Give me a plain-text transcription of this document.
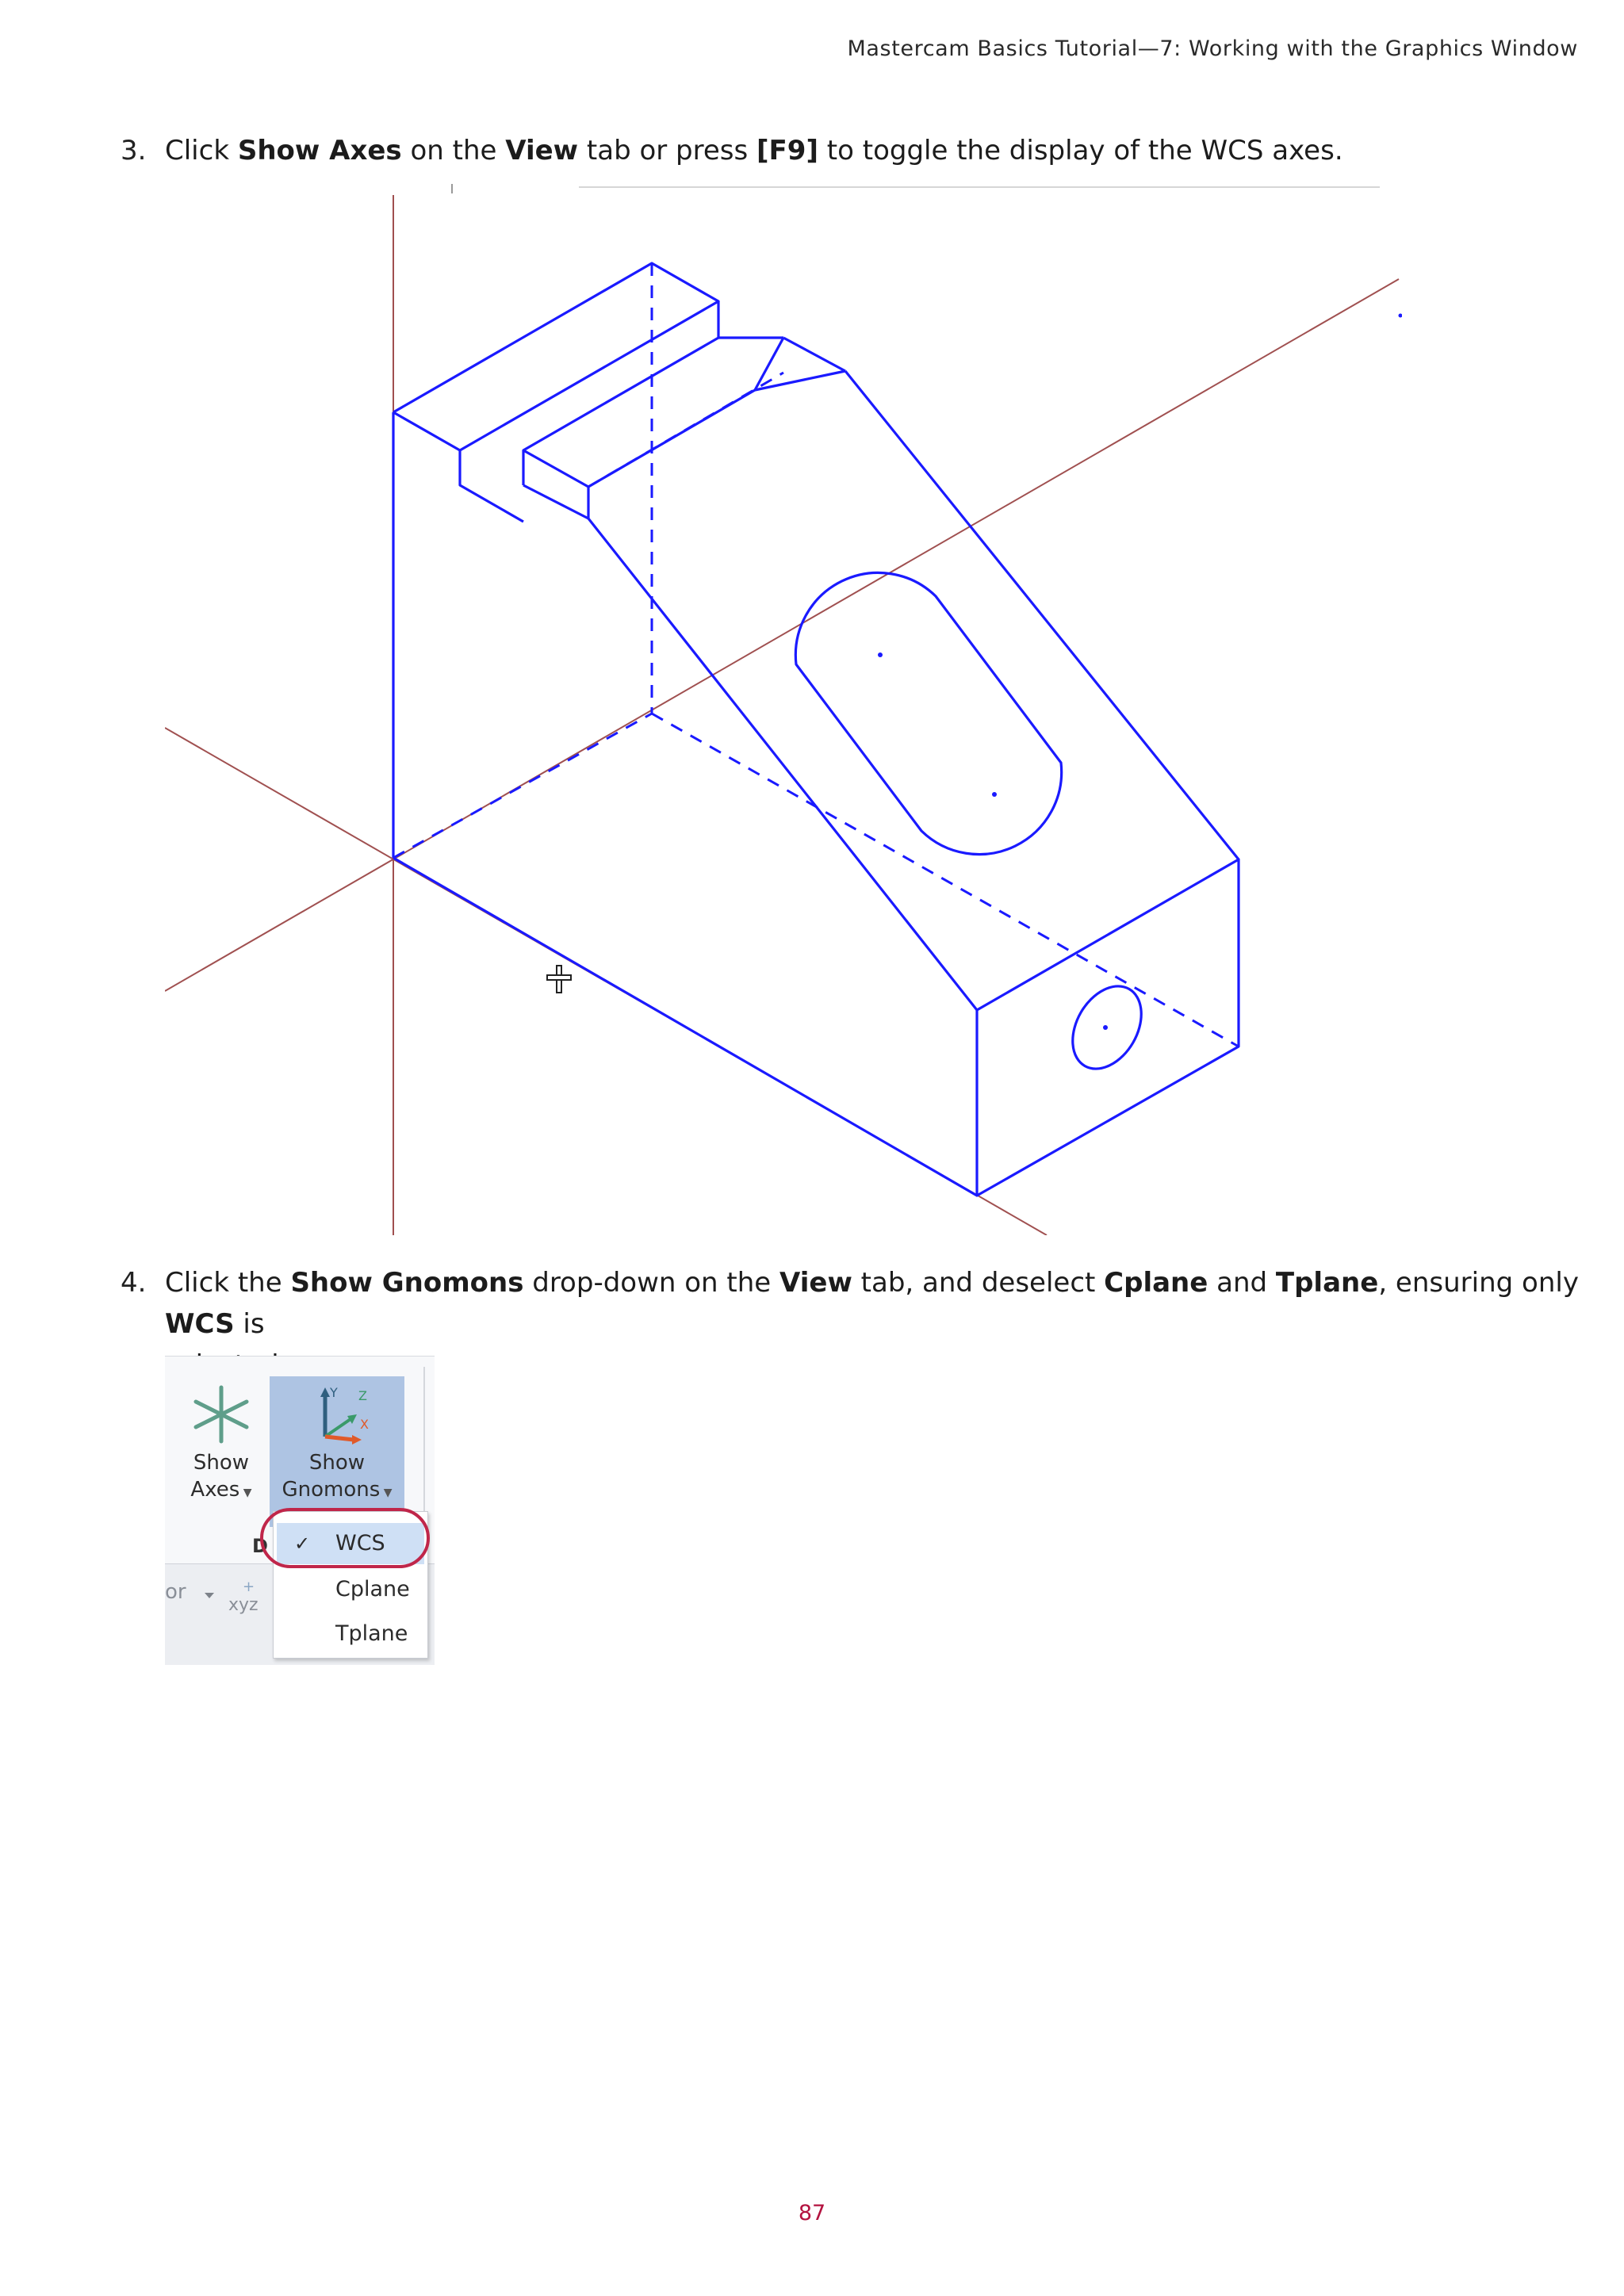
Mastercam Basics Tutorial—7: Working with the Graphics Window
3. Click Show Axes on the View tab or press [F9] to toggle the display of the WCS axes.
4. Click the Show Gnomons drop-down on the View tab, and deselect Cplane and Tplane, ensuring only WCS is

Show
Axes ▼
Y Z
X
Show
Gnomons ▼
or
xyz
+
D ✓ WCS
Cplane
Tplane
87
